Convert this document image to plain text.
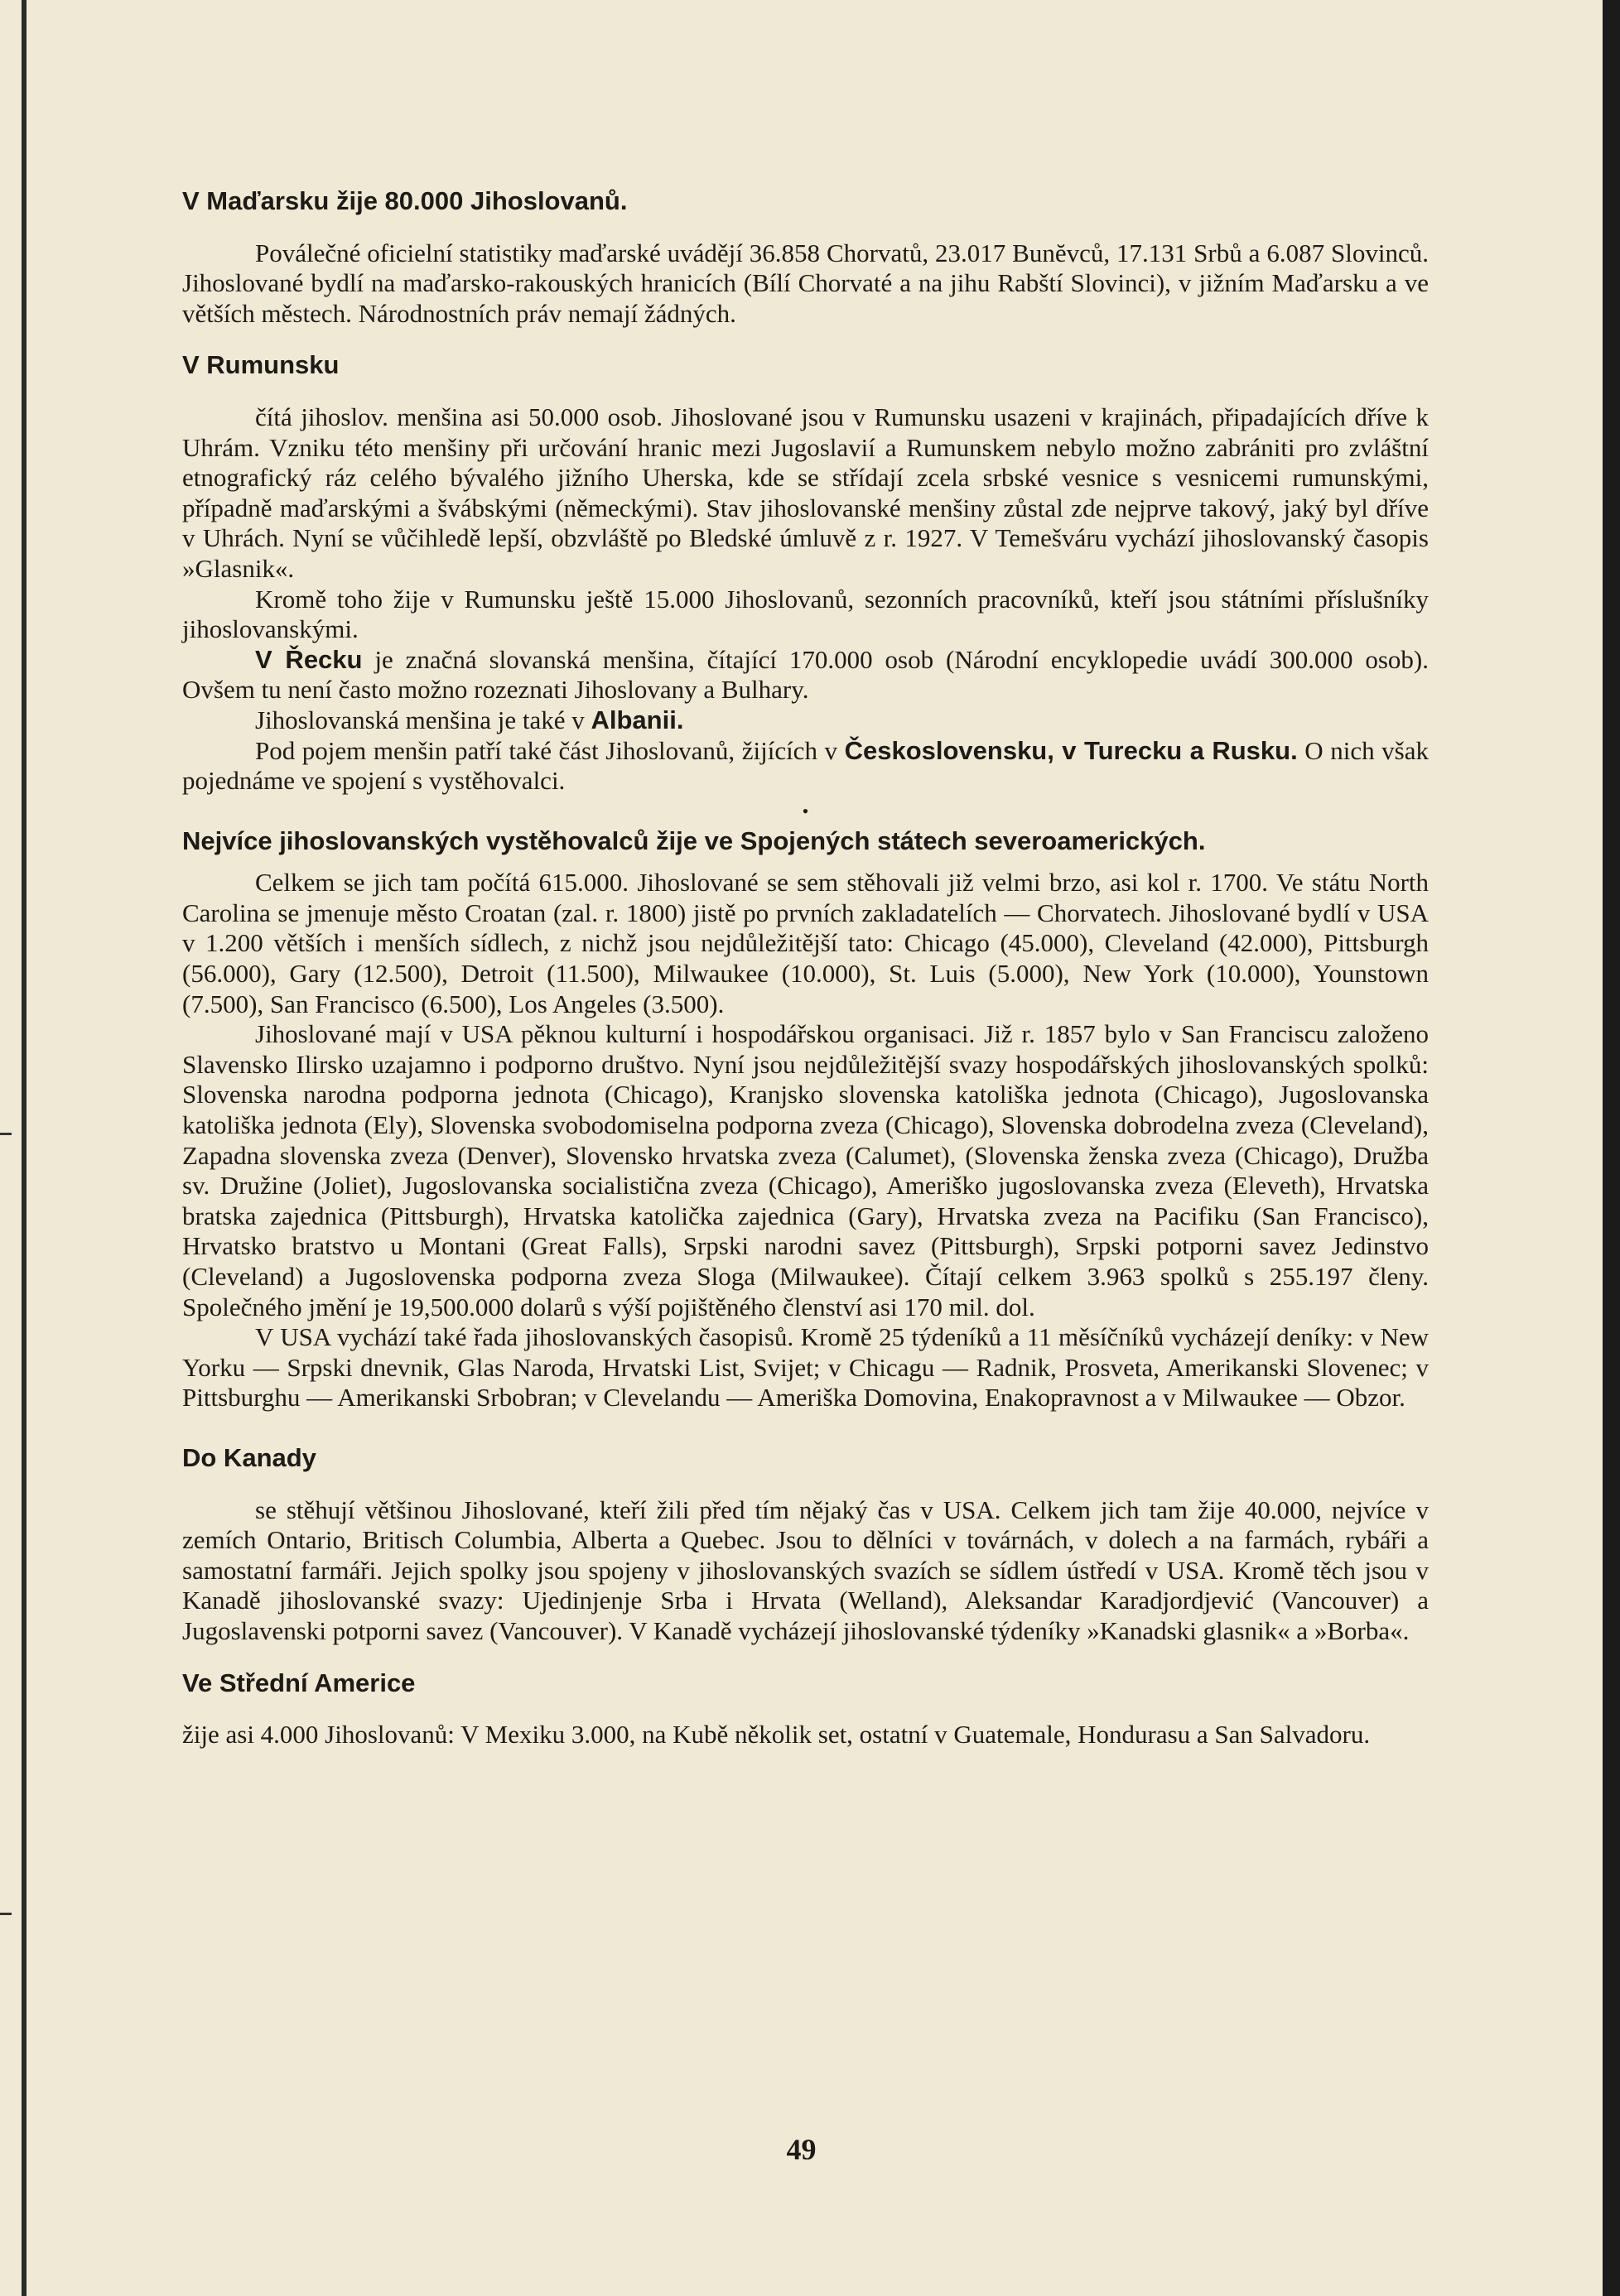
V Maďarsku žije 80.000 Jihoslovanů.

Poválečné oficielní statistiky maďarské uvádějí 36.858 Chorvatů, 23.017 Bunĕvců, 17.131 Srbů a 6.087 Slovinců. Jihoslované bydlí na maďarsko-rakouských hranicích (Bílí Chorvaté a na jihu Rabští Slovinci), v jižním Maďarsku a ve větších městech. Národnostních práv nemají žádných.

V Rumunsku

čítá jihoslov. menšina asi 50.000 osob. Jihoslované jsou v Rumunsku usazeni v krajinách, připadajících dříve k Uhrám. Vzniku této menšiny při určování hranic mezi Jugoslavií a Rumunskem nebylo možno zabrániti pro zvláštní etnografický ráz celého bývalého jižního Uherska, kde se střídají zcela srbské vesnice s vesnicemi rumunskými, případně maďarskými a švábskými (německými). Stav jihoslovanské menšiny zůstal zde nejprve takový, jaký byl dříve v Uhrách. Nyní se vůčihledě lepší, obzvláště po Bledské úmluvě z r. 1927. V Temešváru vychází jihoslovanský časopis »Glasnik«.

Kromě toho žije v Rumunsku ještě 15.000 Jihoslovanů, sezonních pracovníků, kteří jsou státními příslušníky jihoslovanskými.

V Řecku je značná slovanská menšina, čítající 170.000 osob (Národní encyklopedie uvádí 300.000 osob). Ovšem tu není často možno rozeznati Jihoslovany a Bulhary.

Jihoslovanská menšina je také v Albanii.

Pod pojem menšin patří také část Jihoslovanů, žijících v Československu, v Turecku a Rusku. O nich však pojednáme ve spojení s vystěhovalci.

•
Nejvíce jihoslovanských vystěhovalců žije ve Spojených státech severoamerických.

Celkem se jich tam počítá 615.000. Jihoslované se sem stěhovali již velmi brzo, asi kol r. 1700. Ve státu North Carolina se jmenuje město Croatan (zal. r. 1800) jistě po prvních zakladatelích — Chorvatech. Jihoslované bydlí v USA v 1.200 větších i menších sídlech, z nichž jsou nejdůležitější tato: Chicago (45.000), Cleveland (42.000), Pittsburgh (56.000), Gary (12.500), Detroit (11.500), Milwaukee (10.000), St. Luis (5.000), New York (10.000), Younstown (7.500), San Francisco (6.500), Los Angeles (3.500).

Jihoslované mají v USA pěknou kulturní i hospodářskou organisaci. Již r. 1857 bylo v San Franciscu založeno Slavensko Ilirsko uzajamno i podporno društvo. Nyní jsou nejdůležitější svazy hospodářských jihoslovanských spolků: Slovenska narodna podporna jednota (Chicago), Kranjsko slovenska katoliška jednota (Chicago), Jugoslovanska katoliška jednota (Ely), Slovenska svobodomiselna podporna zveza (Chicago), Slovenska dobrodelna zveza (Cleveland), Zapadna slovenska zveza (Denver), Slovensko hrvatska zveza (Calumet), (Slovenska ženska zveza (Chicago), Družba sv. Družine (Joliet), Jugoslovanska socialistična zveza (Chicago), Ameriško jugoslovanska zveza (Eleveth), Hrvatska bratska zajednica (Pittsburgh), Hrvatska katolička zajednica (Gary), Hrvatska zveza na Pacifiku (San Francisco), Hrvatsko bratstvo u Montani (Great Falls), Srpski narodni savez (Pittsburgh), Srpski potporni savez Jedinstvo (Cleveland) a Jugoslovenska podporna zveza Sloga (Milwaukee). Čítají celkem 3.963 spolků s 255.197 členy. Společného jmění je 19,500.000 dolarů s výší pojištěného členství asi 170 mil. dol.

V USA vychází také řada jihoslovanských časopisů. Kromě 25 týdeníků a 11 měsíčníků vycházejí deníky: v New Yorku — Srpski dnevnik, Glas Naroda, Hrvatski List, Svijet; v Chicagu — Radnik, Prosveta, Amerikanski Slovenec; v Pittsburghu — Amerikanski Srbobran; v Clevelandu — Ameriška Domovina, Enakopravnost a v Milwaukee — Obzor.

Do Kanady

se stěhují většinou Jihoslované, kteří žili před tím nějaký čas v USA. Celkem jich tam žije 40.000, nejvíce v zemích Ontario, Britisch Columbia, Alberta a Quebec. Jsou to dělníci v továrnách, v dolech a na farmách, rybáři a samostatní farmáři. Jejich spolky jsou spojeny v jihoslovanských svazích se sídlem ústředí v USA. Kromě těch jsou v Kanadě jihoslovanské svazy: Ujedinjenje Srba i Hrvata (Welland), Aleksandar Karadjordjević (Vancouver) a Jugoslavenski potporni savez (Vancouver). V Kanadě vycházejí jihoslovanské týdeníky »Kanadski glasnik« a »Borba«.

Ve Střední Americe

žije asi 4.000 Jihoslovanů: V Mexiku 3.000, na Kubě několik set, ostatní v Guatemale, Hondurasu a San Salvadoru.

49
